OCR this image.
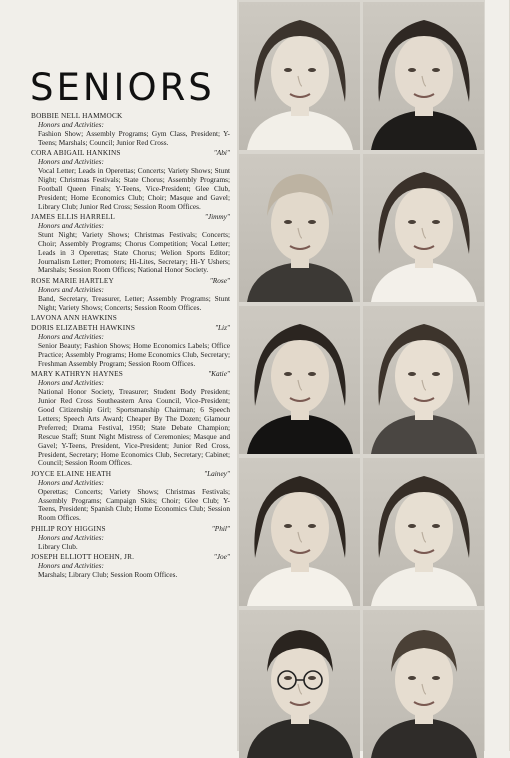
SENIORS
BOBBIE NELL HAMMOCK
Honors and Activities:
Fashion Show; Assembly Programs; Gym Class, President; Y-Teens; Marshals; Council; Junior Red Cross.
CORA ABIGAIL HANKINS	"Abi"
Honors and Activities:
Vocal Letter; Leads in Operettas; Concerts; Variety Shows; Stunt Night; Christmas Festivals; State Chorus; Assembly Programs; Football Queen Finals; Y-Teens, Vice-President; Glee Club, President; Home Economics Club; Choir; Masque and Gavel; Library Club; Junior Red Cross; Session Room Offices.
JAMES ELLIS HARRELL	"Jimmy"
Honors and Activities:
Stunt Night; Variety Shows; Christmas Festivals; Concerts; Choir; Assembly Programs; Chorus Competition; Vocal Letter; Leads in 3 Operettas; State Chorus; Welion Sports Editor; Journalism Letter; Promoters; Hi-Lites, Secretary; Hi-Y Ushers; Marshals; Session Room Offices; National Honor Society.
ROSE MARIE HARTLEY	"Rose"
Honors and Activities:
Band, Secretary, Treasurer, Letter; Assembly Programs; Stunt Night; Variety Shows; Concerts; Session Room Offices.
LAVONA ANN HAWKINS
DORIS ELIZABETH HAWKINS	"Liz"
Honors and Activities:
Senior Beauty; Fashion Shows; Home Economics Labels; Office Practice; Assembly Programs; Home Economics Club, Secretary; Freshman Assembly Program; Session Room Offices.
MARY KATHRYN HAYNES	"Katie"
Honors and Activities:
National Honor Society, Treasurer; Student Body President; Junior Red Cross Southeastern Area Council, Vice-President; Good Citizenship Girl; Sportsmanship Chairman; 6 Speech Letters; Speech Arts Award; Cheaper By The Dozen; Glamour Preferred; Drama Festival, 1950; State Debate Champion; Rescue Staff; Stunt Night Mistress of Ceremonies; Masque and Gavel; Y-Teens, President, Vice-President; Junior Red Cross, President, Secretary; Home Economics Club, Secretary; Cabinet; Council; Session Room Offices.
JOYCE ELAINE HEATH	"Lainey"
Honors and Activities:
Operettas; Concerts; Variety Shows; Christmas Festivals; Assembly Programs; Campaign Skits; Choir; Glee Club; Y-Teens, President; Spanish Club; Home Economics Club; Session Room Offices.
PHILIP ROY HIGGINS	"Phil"
Honors and Activities:
Library Club.
JOSEPH ELLIOTT HOEHN, JR.	"Joe"
Honors and Activities:
Marshals; Library Club; Session Room Offices.
